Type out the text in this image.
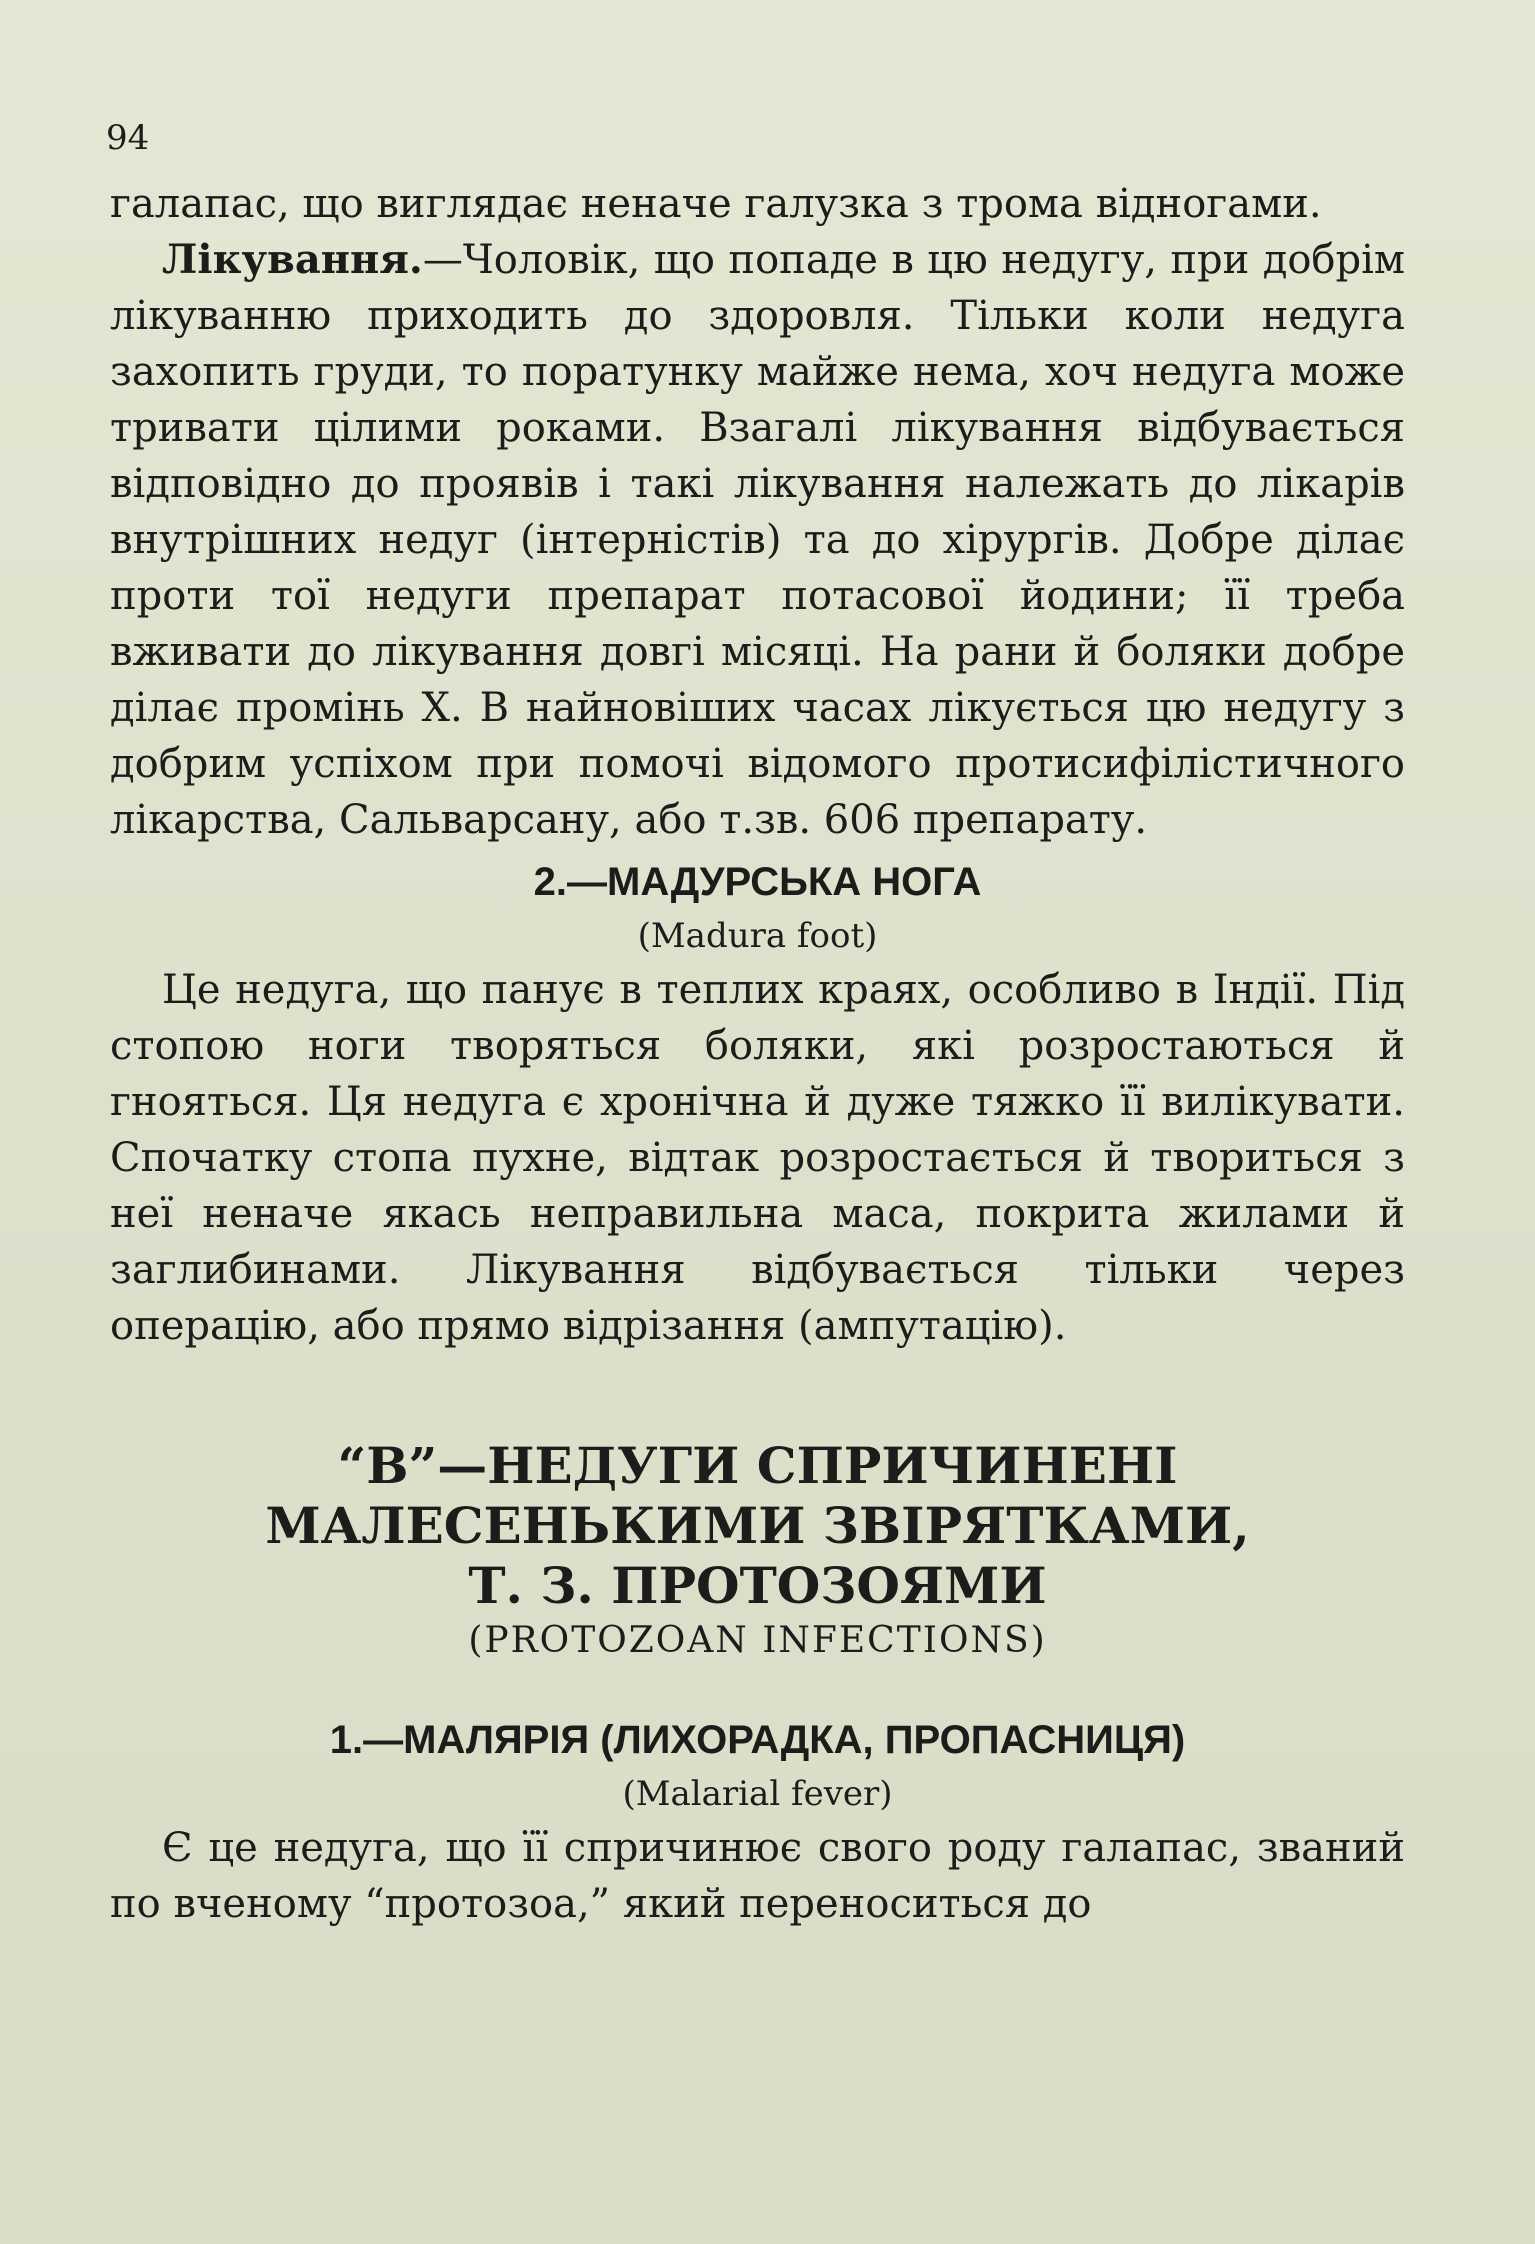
94

галапас, що виглядає неначе галузка з трома відногами.

Лікування.—Чоловік, що попаде в цю недугу, при добрім лікуванню приходить до здоровля. Тільки коли недуга захопить груди, то поратунку майже нема, хоч недуга може тривати цілими роками. Взагалі лікування відбувається відповідно до проявів і такі лікування належать до лікарів внутрішних недуг (інтерністів) та до хірургів. Добре ділає проти тої недуги препарат потасової йодини; її треба вживати до лікування довгі місяці. На рани й боляки добре ділає промінь Х. В найновіших часах лікується цю недугу з добрим успіхом при помочі відомого протисифілістичного лікарства, Сальварсану, або т.зв. 606 препарату.

2.—МАДУРСЬКА НОГА
(Madura foot)

Це недуга, що панує в теплих краях, особливо в Індії. Під стопою ноги творяться боляки, які розростаються й гнояться. Ця недуга є хронічна й дуже тяжко її вилікувати. Спочатку стопа пухне, відтак розростається й твориться з неї неначе якась неправильна маса, покрита жилами й заглибинами. Лікування відбувається тільки через операцію, або прямо відрізання (ампутацію).

“В”—НЕДУГИ СПРИЧИНЕНІ
МАЛЕСЕНЬКИМИ ЗВІРЯТКАМИ,
Т. З. ПРОТОЗОЯМИ
(PROTOZOAN INFECTIONS)
1.—МАЛЯРІЯ (ЛИХОРАДКА, ПРОПАСНИЦЯ)
(Malarial fever)

Є це недуга, що її спричинює свого роду галапас, званий по вченому “протозоа,” який переноситься до
